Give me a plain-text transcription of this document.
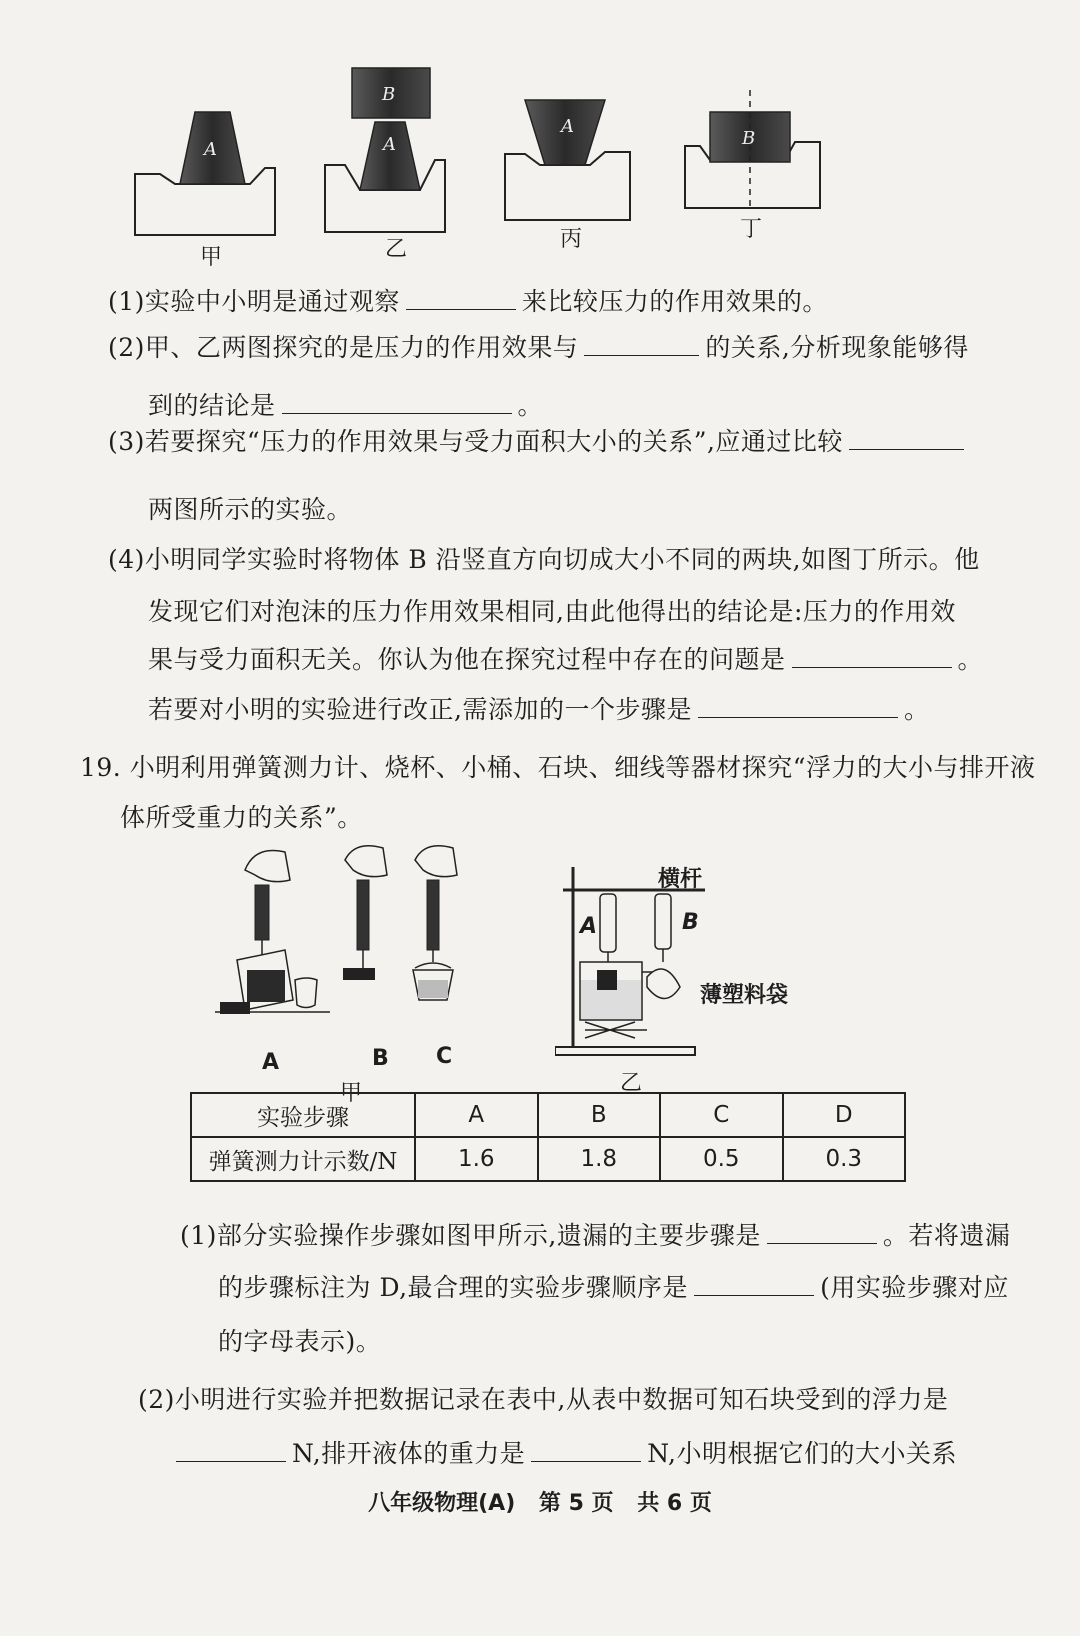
A
B
A
A
B
甲	乙	丙	丁
(1)实验中小明是通过观察	来比较压力的作用效果的。
(2)甲、乙两图探究的是压力的作用效果与	的关系,分析现象能够得
到的结论是	。
(3)若要探究“压力的作用效果与受力面积大小的关系”,应通过比较
两图所示的实验。
(4)小明同学实验时将物体 B 沿竖直方向切成大小不同的两块,如图丁所示。他
发现它们对泡沫的压力作用效果相同,由此他得出的结论是:压力的作用效
果与受力面积无关。你认为他在探究过程中存在的问题是	。
若要对小明的实验进行改正,需添加的一个步骤是	。
19. 小明利用弹簧测力计、烧杯、小桶、石块、细线等器材探究“浮力的大小与排开液
体所受重力的关系”。
A	B C
甲
横杆
A	B
薄塑料袋
乙
实验步骤	A	B	C	D
弹簧测力计示数/N	1.6	1.8	0.5	0.3
(1)部分实验操作步骤如图甲所示,遗漏的主要步骤是	。若将遗漏
的步骤标注为 D,最合理的实验步骤顺序是	(用实验步骤对应
的字母表示)。
(2)小明进行实验并把数据记录在表中,从表中数据可知石块受到的浮力是
N,排开液体的重力是	N,小明根据它们的大小关系
八年级物理(A) 第 5 页 共 6 页
